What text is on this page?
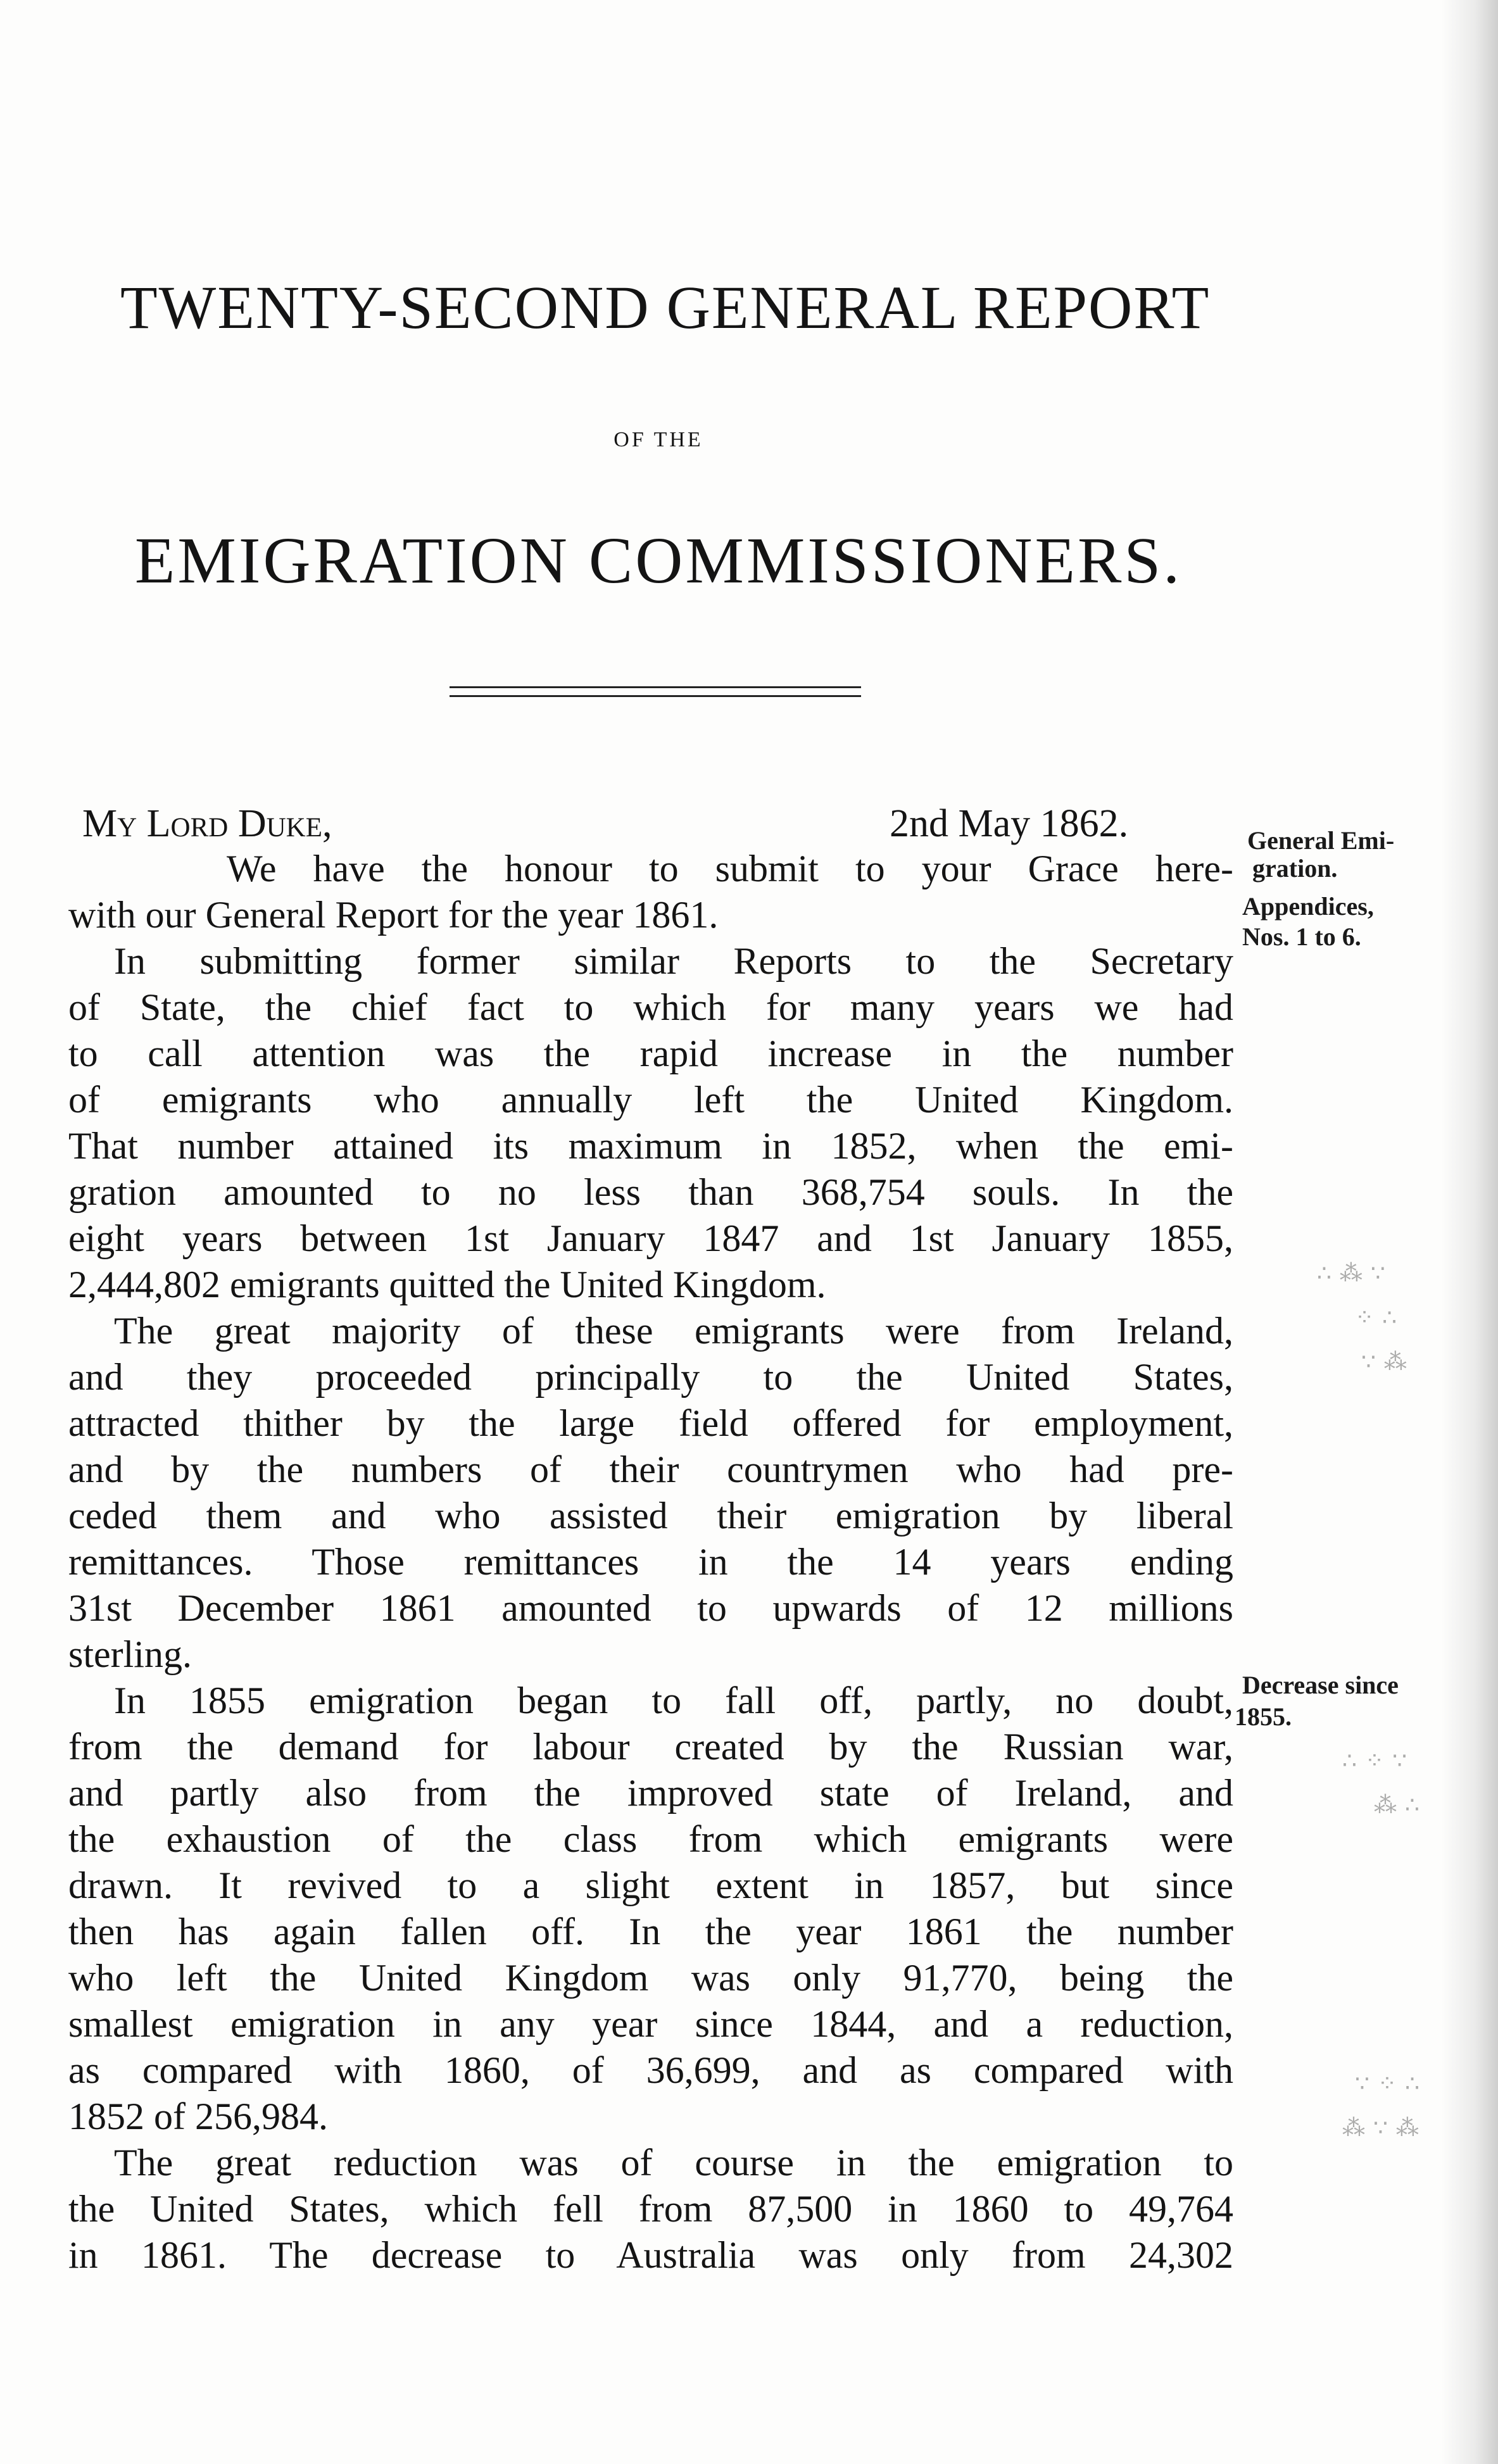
TWENTY-SECOND GENERAL REPORT
OF THE
EMIGRATION COMMISSIONERS.
My Lord Duke,	2nd May 1862.
We have the honour to submit to your Grace here-
with our General Report for the year 1861.
In submitting former similar Reports to the Secretary
of State, the chief fact to which for many years we had
to call attention was the rapid increase in the number
of emigrants who annually left the United Kingdom.
That number attained its maximum in 1852, when the emi-
gration amounted to no less than 368,754 souls. In the
eight years between 1st January 1847 and 1st January 1855,
2,444,802 emigrants quitted the United Kingdom.
The great majority of these emigrants were from Ireland,
and they proceeded principally to the United States,
attracted thither by the large field offered for employment,
and by the numbers of their countrymen who had pre-
ceded them and who assisted their emigration by liberal
remittances. Those remittances in the 14 years ending
31st December 1861 amounted to upwards of 12 millions
sterling.
In 1855 emigration began to fall off, partly, no doubt,
from the demand for labour created by the Russian war,
and partly also from the improved state of Ireland, and
the exhaustion of the class from which emigrants were
drawn. It revived to a slight extent in 1857, but since
then has again fallen off. In the year 1861 the number
who left the United Kingdom was only 91,770, being the
smallest emigration in any year since 1844, and a reduction,
as compared with 1860, of 36,699, and as compared with
1852 of 256,984.
The great reduction was of course in the emigration to
the United States, which fell from 87,500 in 1860 to 49,764
in 1861. The decrease to Australia was only from 24,302
General Emi-
gration.
Appendices,
Nos. 1 to 6.
Decrease since
1855.
∴ ⁂ ∵
⁘ ∴
∵ ⁂
∴ ⁘ ∵
⁂ ∴
∵ ⁘ ∴
⁂ ∵ ⁂
